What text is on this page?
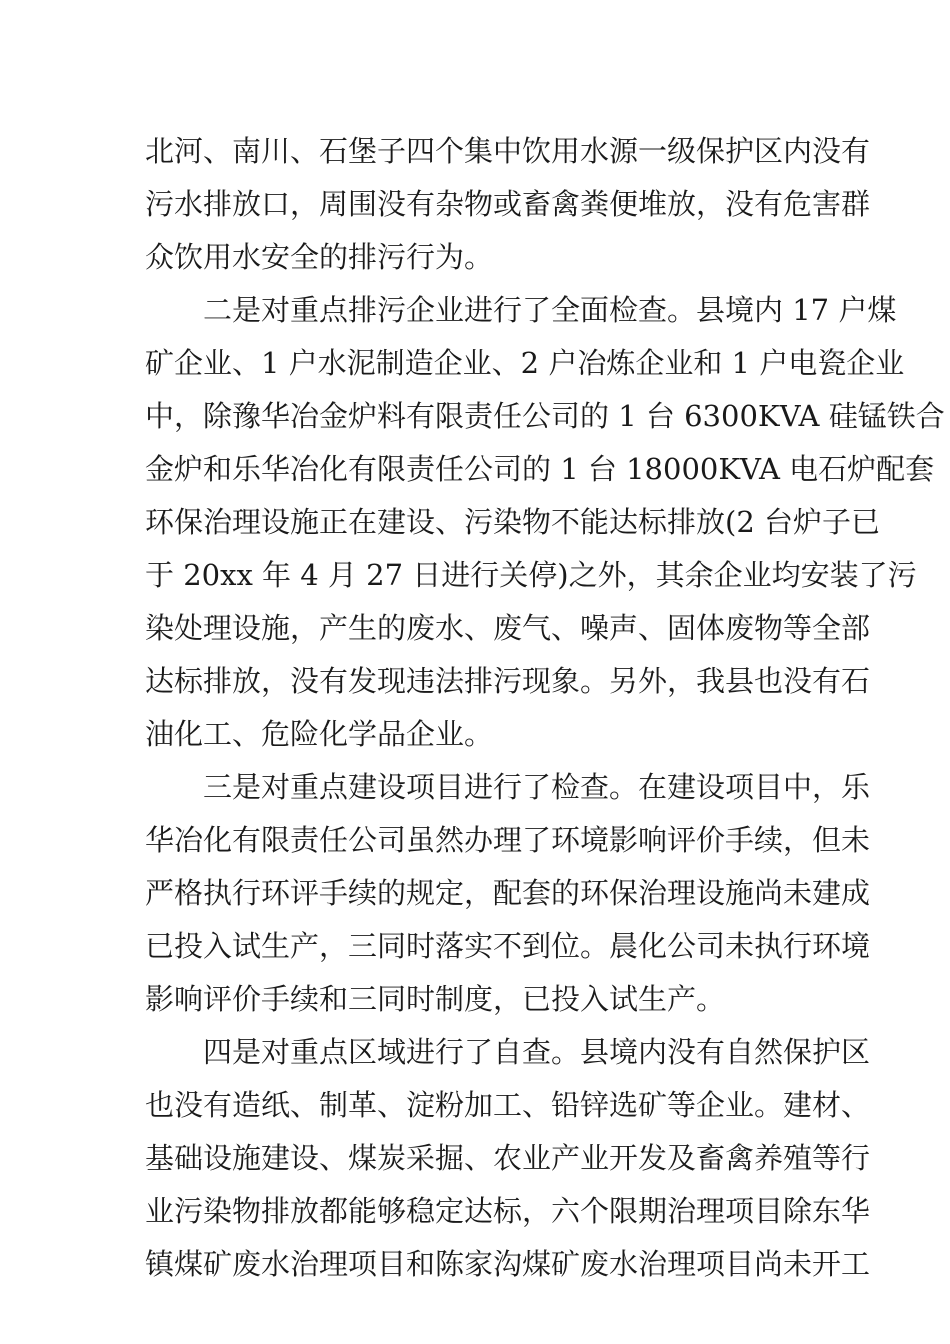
北河、南川、石堡子四个集中饮用水源一级保护区内没有
污水排放口，周围没有杂物或畜禽粪便堆放，没有危害群
众饮用水安全的排污行为。
二是对重点排污企业进行了全面检查。县境内 17 户煤
矿企业、1 户水泥制造企业、2 户冶炼企业和 1 户电瓷企业
中，除豫华冶金炉料有限责任公司的 1 台 6300KVA 硅锰铁合
金炉和乐华冶化有限责任公司的 1 台 18000KVA 电石炉配套
环保治理设施正在建设、污染物不能达标排放(2 台炉子已
于 20xx 年 4 月 27 日进行关停)之外，其余企业均安装了污
染处理设施，产生的废水、废气、噪声、固体废物等全部
达标排放，没有发现违法排污现象。另外，我县也没有石
油化工、危险化学品企业。
三是对重点建设项目进行了检查。在建设项目中，乐
华冶化有限责任公司虽然办理了环境影响评价手续，但未
严格执行环评手续的规定，配套的环保治理设施尚未建成
已投入试生产，三同时落实不到位。晨化公司未执行环境
影响评价手续和三同时制度，已投入试生产。
四是对重点区域进行了自查。县境内没有自然保护区
也没有造纸、制革、淀粉加工、铅锌选矿等企业。建材、
基础设施建设、煤炭采掘、农业产业开发及畜禽养殖等行
业污染物排放都能够稳定达标，六个限期治理项目除东华
镇煤矿废水治理项目和陈家沟煤矿废水治理项目尚未开工
